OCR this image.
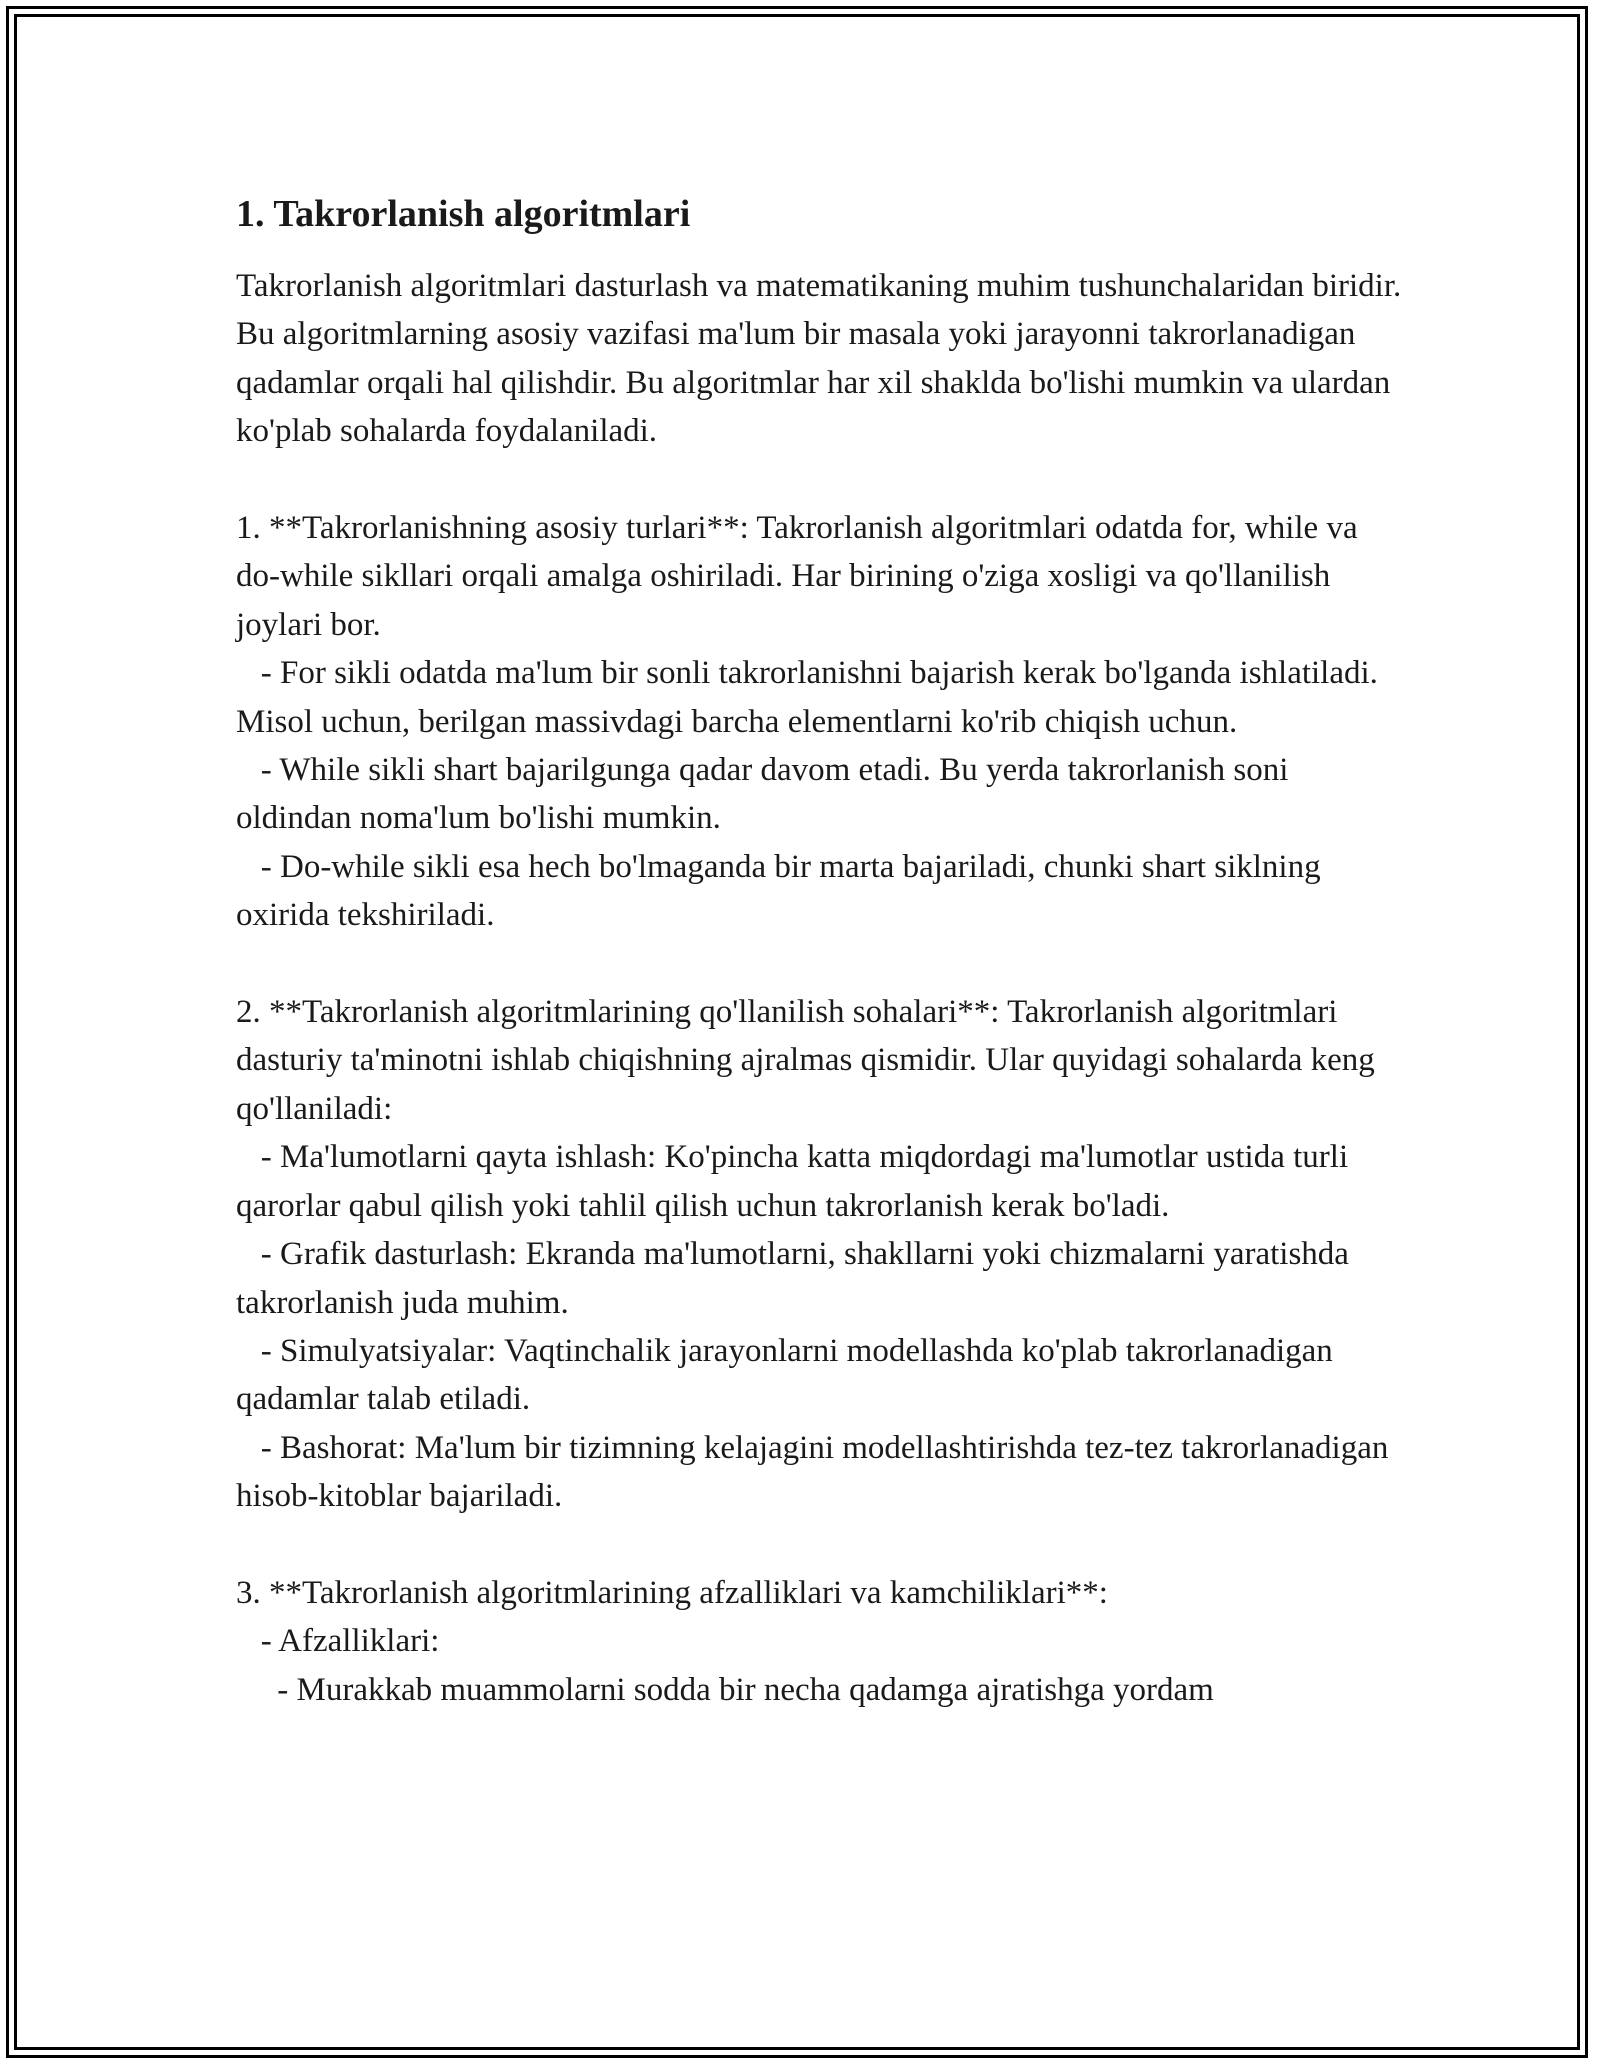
1. Takrorlanish algoritmlari

Takrorlanish algoritmlari dasturlash va matematikaning muhim tushunchalaridan biridir. Bu algoritmlarning asosiy vazifasi ma'lum bir masala yoki jarayonni takrorlanadigan qadamlar orqali hal qilishdir. Bu algoritmlar har xil shaklda bo'lishi mumkin va ulardan ko'plab sohalarda foydalaniladi.

1. **Takrorlanishning asosiy turlari**: Takrorlanish algoritmlari odatda for, while va do-while sikllari orqali amalga oshiriladi. Har birining o'ziga xosligi va qo'llanilish joylari bor.

- For sikli odatda ma'lum bir sonli takrorlanishni bajarish kerak bo'lganda ishlatiladi. Misol uchun, berilgan massivdagi barcha elementlarni ko'rib chiqish uchun.

- While sikli shart bajarilgunga qadar davom etadi. Bu yerda takrorlanish soni oldindan noma'lum bo'lishi mumkin.

- Do-while sikli esa hech bo'lmaganda bir marta bajariladi, chunki shart siklning oxirida tekshiriladi.

2. **Takrorlanish algoritmlarining qo'llanilish sohalari**: Takrorlanish algoritmlari dasturiy ta'minotni ishlab chiqishning ajralmas qismidir. Ular quyidagi sohalarda keng qo'llaniladi:

- Ma'lumotlarni qayta ishlash: Ko'pincha katta miqdordagi ma'lumotlar ustida turli qarorlar qabul qilish yoki tahlil qilish uchun takrorlanish kerak bo'ladi.

- Grafik dasturlash: Ekranda ma'lumotlarni, shakllarni yoki chizmalarni yaratishda takrorlanish juda muhim.

- Simulyatsiyalar: Vaqtinchalik jarayonlarni modellashda ko'plab takrorlanadigan qadamlar talab etiladi.

- Bashorat: Ma'lum bir tizimning kelajagini modellashtirishda tez-tez takrorlanadigan hisob-kitoblar bajariladi.

3. **Takrorlanish algoritmlarining afzalliklari va kamchiliklari**:

- Afzalliklari:

- Murakkab muammolarni sodda bir necha qadamga ajratishga yordam
